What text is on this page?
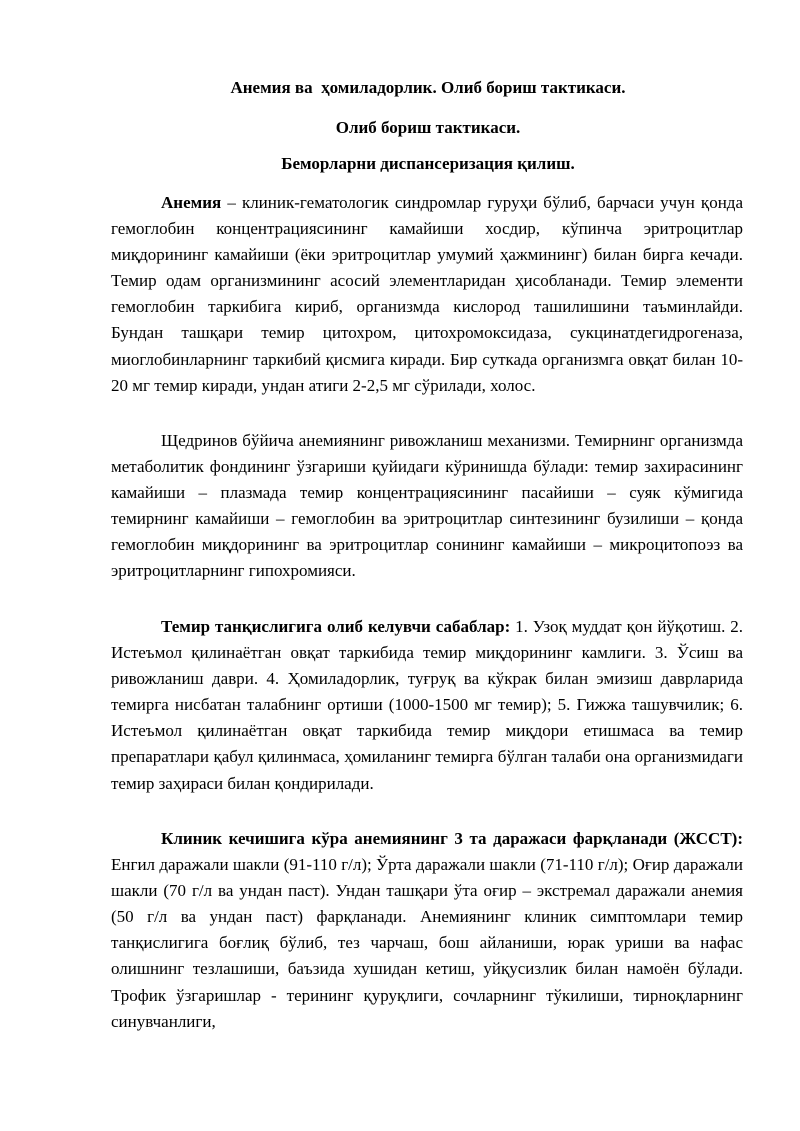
Анемия ва  ҳомиладорлик. Олиб бориш тактикаси.
Олиб бориш тактикаси.
Беморларни диспансеризация қилиш.

Анемия – клиник-гематологик синдромлар гуруҳи бўлиб, барчаси учун қонда гемоглобин концентрациясининг камайиши хосдир, кўпинча эритроцитлар миқдорининг камайиши (ёки эритроцитлар умумий ҳажмининг) билан бирга кечади. Темир одам организмининг асосий элементларидан ҳисобланади. Темир элементи гемоглобин таркибига кириб, организмда кислород ташилишини таъминлайди. Бундан ташқари темир цитохром, цитохромоксидаза, сукцинатдегидрогеназа, миоглобинларнинг таркибий қисмига киради. Бир суткада организмга овқат билан 10-20 мг темир киради, ундан атиги 2-2,5 мг сўрилади, холос.

Щедринов бўйича анемиянинг ривожланиш механизми. Темирнинг организмда метаболитик фондининг ўзгариши қуйидаги кўринишда бўлади: темир захирасининг камайиши – плазмада темир концентрациясининг пасайиши – суяк кўмигида темирнинг камайиши – гемоглобин ва эритроцитлар синтезининг бузилиши – қонда гемоглобин миқдорининг ва эритроцитлар сонининг камайиши – микроцитопоэз ва эритроцитларнинг гипохромияси.

Темир танқислигига олиб келувчи сабаблар: 1. Узоқ муддат қон йўқотиш. 2. Истеъмол қилинаётган овқат таркибида темир миқдорининг камлиги. 3. Ўсиш ва ривожланиш даври. 4. Ҳомиладорлик, туғруқ ва кўкрак билан эмизиш даврларида темирга нисбатан талабнинг ортиши (1000-1500 мг темир); 5. Гижжа ташувчилик; 6. Истеъмол қилинаётган овқат таркибида темир миқдори етишмаса ва темир препаратлари қабул қилинмаса, ҳомиланинг темирга бўлган талаби она организмидаги темир заҳираси билан қондирилади.

Клиник кечишига кўра анемиянинг 3 та даражаси фарқланади (ЖССТ): Енгил даражали шакли (91-110 г/л); Ўрта даражали шакли (71-110 г/л); Оғир даражали шакли (70 г/л ва ундан паст). Ундан ташқари ўта оғир – экстремал даражали анемия (50 г/л ва ундан паст) фарқланади. Анемиянинг клиник симптомлари темир танқислигига боғлиқ бўлиб, тез чарчаш, бош айланиши, юрак уриши ва нафас олишнинг тезлашиши, баъзида хушидан кетиш, уйқусизлик билан намоён бўлади. Трофик ўзгаришлар - терининг қуруқлиги, сочларнинг тўкилиши, тирноқларнинг синувчанлиги,
